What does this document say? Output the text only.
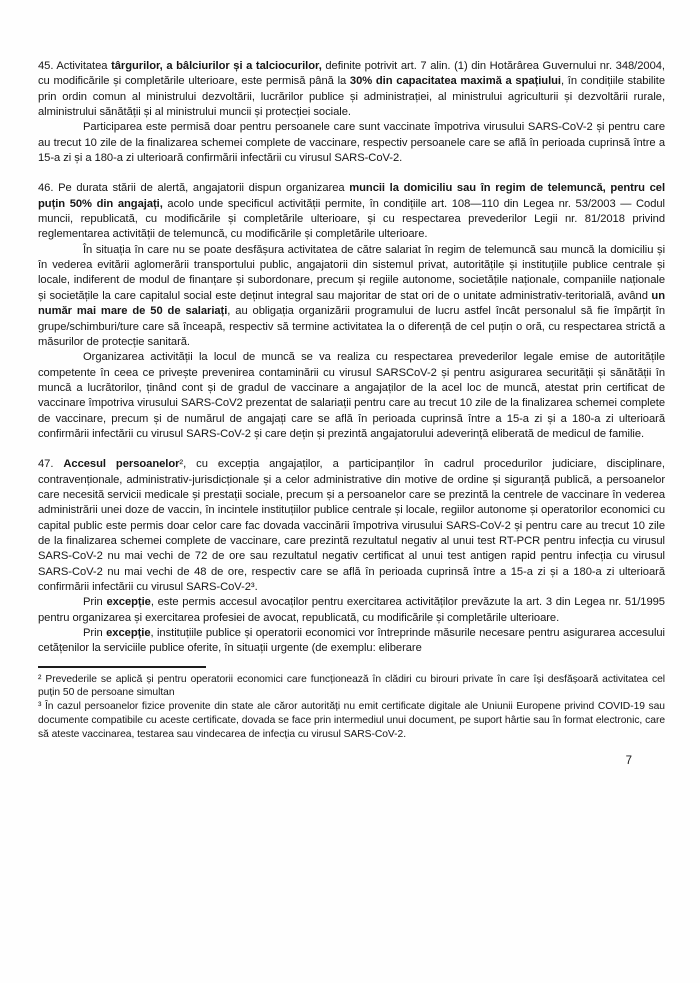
45. Activitatea târgurilor, a bâlciurilor și a talciocurilor, definite potrivit art. 7 alin. (1) din Hotărârea Guvernului nr. 348/2004, cu modificările și completările ulterioare, este permisă până la 30% din capacitatea maximă a spațiului, în condițiile stabilite prin ordin comun al ministrului dezvoltării, lucrărilor publice și administrației, al ministrului agriculturii și dezvoltării rurale, alministrului sănătății și al ministrului muncii și protecției sociale.
Participarea este permisă doar pentru persoanele care sunt vaccinate împotriva virusului SARS-CoV-2 și pentru care au trecut 10 zile de la finalizarea schemei complete de vaccinare, respectiv persoanele care se află în perioada cuprinsă între a 15-a zi și a 180-a zi ulterioară confirmării infectării cu virusul SARS-CoV-2.
46. Pe durata stării de alertă, angajatorii dispun organizarea muncii la domiciliu sau în regim de telemuncă, pentru cel puțin 50% din angajați, acolo unde specificul activității permite, în condițiile art. 108—110 din Legea nr. 53/2003 — Codul muncii, republicată, cu modificările și completările ulterioare, și cu respectarea prevederilor Legii nr. 81/2018 privind reglementarea activității de telemuncă, cu modificările și completările ulterioare.
În situația în care nu se poate desfășura activitatea de către salariat în regim de telemuncă sau muncă la domiciliu și în vederea evitării aglomerării transportului public, angajatorii din sistemul privat, autoritățile și instituțiile publice centrale și locale, indiferent de modul de finanțare și subordonare, precum și regiile autonome, societățile naționale, companiile naționale și societățile la care capitalul social este deținut integral sau majoritar de stat ori de o unitate administrativ-teritorială, având un număr mai mare de 50 de salariați, au obligația organizării programului de lucru astfel încât personalul să fie împărțit în grupe/schimburi/ture care să înceapă, respectiv să termine activitatea la o diferență de cel puțin o oră, cu respectarea strictă a măsurilor de protecție sanitară.
Organizarea activității la locul de muncă se va realiza cu respectarea prevederilor legale emise de autoritățile competente în ceea ce privește prevenirea contaminării cu virusul SARSCoV-2 și pentru asigurarea securității și sănătății în muncă a lucrătorilor, ținând cont și de gradul de vaccinare a angajaților de la acel loc de muncă, atestat prin certificat de vaccinare împotriva virusului SARS-CoV2 prezentat de salariații pentru care au trecut 10 zile de la finalizarea schemei complete de vaccinare, precum și de numărul de angajați care se află în perioada cuprinsă între a 15-a zi și a 180-a zi ulterioară confirmării infectării cu virusul SARS-CoV-2 și care dețin și prezintă angajatorului adeverință eliberată de medicul de familie.
47. Accesul persoanelor², cu excepția angajaților, a participanților în cadrul procedurilor judiciare, disciplinare, contravenționale, administrativ-jurisdicționale și a celor administrative din motive de ordine și siguranță publică, a persoanelor care necesită servicii medicale și prestații sociale, precum și a persoanelor care se prezintă la centrele de vaccinare în vederea administrării unei doze de vaccin, în incintele instituțiilor publice centrale și locale, regiilor autonome și operatorilor economici cu capital public este permis doar celor care fac dovada vaccinării împotriva virusului SARS-CoV-2 și pentru care au trecut 10 zile de la finalizarea schemei complete de vaccinare, care prezintă rezultatul negativ al unui test RT-PCR pentru infecția cu virusul SARS-CoV-2 nu mai vechi de 72 de ore sau rezultatul negativ certificat al unui test antigen rapid pentru infecția cu virusul SARS-CoV-2 nu mai vechi de 48 de ore, respectiv care se află în perioada cuprinsă între a 15-a zi și a 180-a zi ulterioară confirmării infectării cu virusul SARS-CoV-2³.
Prin excepție, este permis accesul avocaților pentru exercitarea activităților prevăzute la art. 3 din Legea nr. 51/1995 pentru organizarea și exercitarea profesiei de avocat, republicată, cu modificările și completările ulterioare.
Prin excepție, instituțiile publice și operatorii economici vor întreprinde măsurile necesare pentru asigurarea accesului cetățenilor la serviciile publice oferite, în situații urgente (de exemplu: eliberare
² Prevederile se aplică și pentru operatorii economici care funcționează în clădiri cu birouri private în care își desfășoară activitatea cel puțin 50 de persoane simultan
³ În cazul persoanelor fizice provenite din state ale căror autorități nu emit certificate digitale ale Uniunii Europene privind COVID-19 sau documente compatibile cu aceste certificate, dovada se face prin intermediul unui document, pe suport hârtie sau în format electronic, care să ateste vaccinarea, testarea sau vindecarea de infecția cu virusul SARS-CoV-2.
7
